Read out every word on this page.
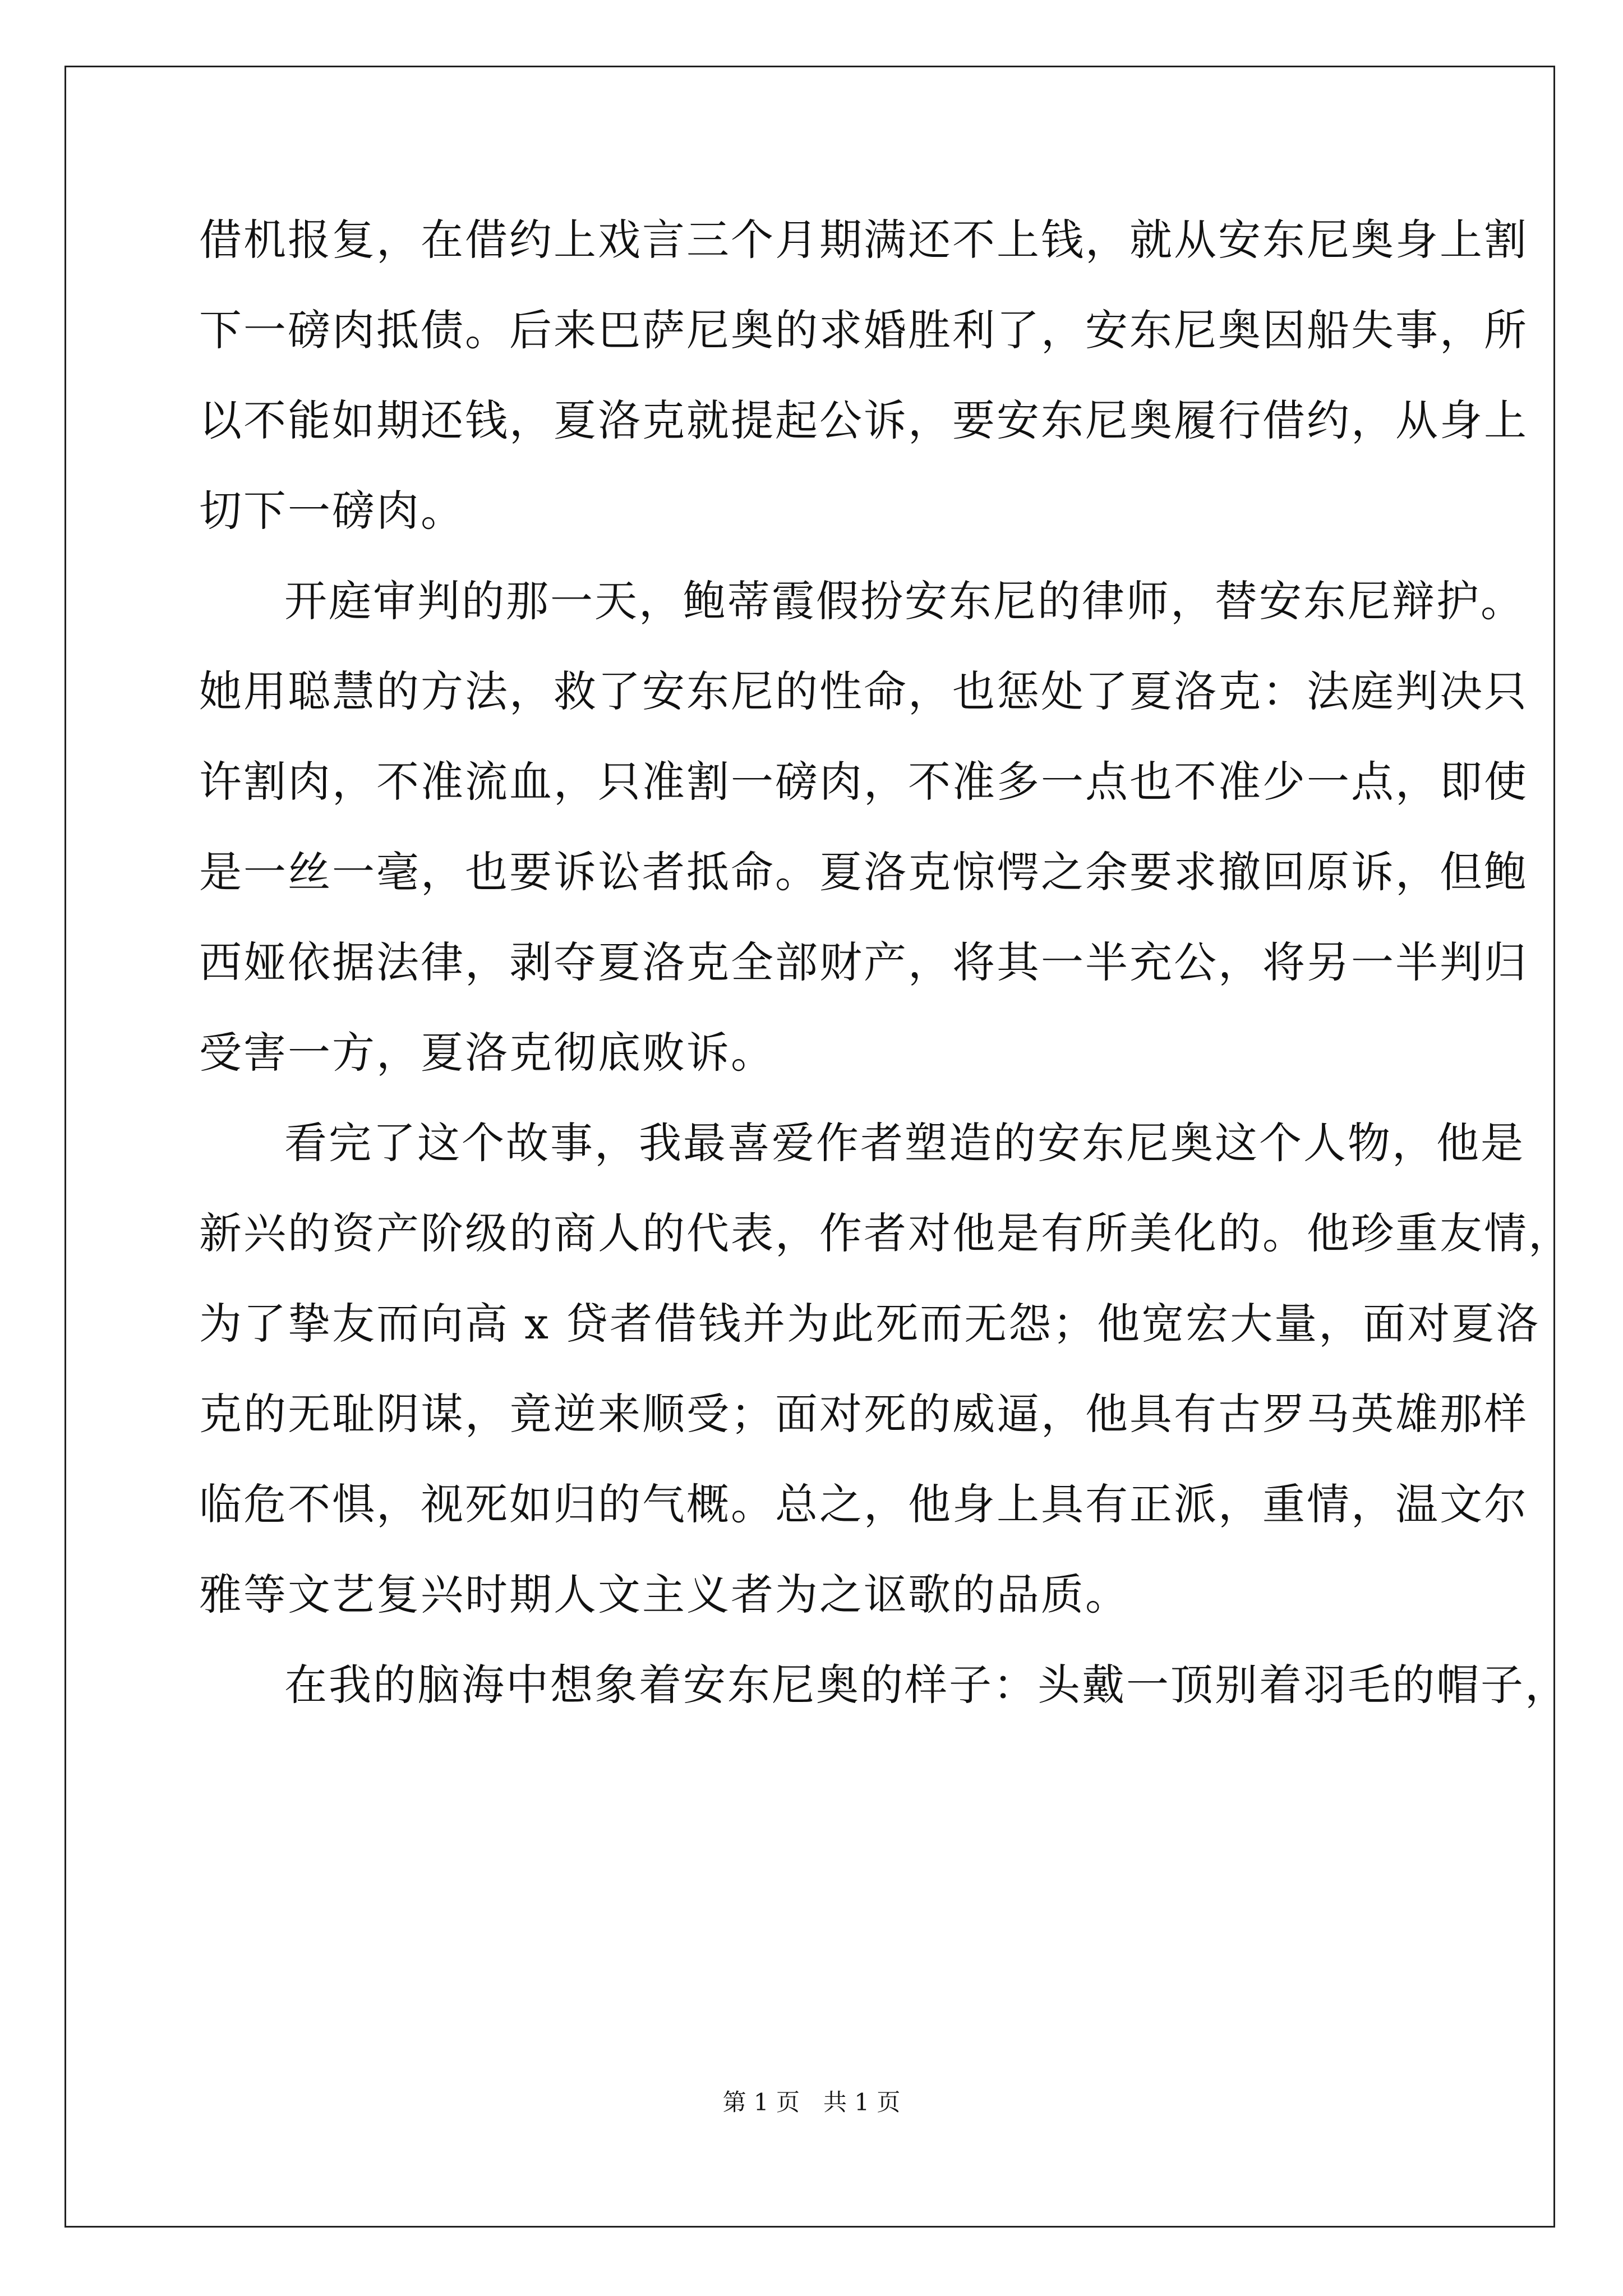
借机报复，在借约上戏言三个月期满还不上钱，就从安东尼奥身上割
下一磅肉抵债。后来巴萨尼奥的求婚胜利了，安东尼奥因船失事，所
以不能如期还钱，夏洛克就提起公诉，要安东尼奥履行借约，从身上
切下一磅肉。
开庭审判的那一天，鲍蒂霞假扮安东尼的律师，替安东尼辩护。
她用聪慧的方法，救了安东尼的性命，也惩处了夏洛克：法庭判决只
许割肉，不准流血，只准割一磅肉，不准多一点也不准少一点，即使
是一丝一毫，也要诉讼者抵命。夏洛克惊愕之余要求撤回原诉，但鲍
西娅依据法律，剥夺夏洛克全部财产，将其一半充公，将另一半判归
受害一方，夏洛克彻底败诉。
看完了这个故事，我最喜爱作者塑造的安东尼奥这个人物，他是
新兴的资产阶级的商人的代表，作者对他是有所美化的。他珍重友情，
为了挚友而向高 x 贷者借钱并为此死而无怨；他宽宏大量，面对夏洛
克的无耻阴谋，竟逆来顺受；面对死的威逼，他具有古罗马英雄那样
临危不惧，视死如归的气概。总之，他身上具有正派，重情，温文尔
雅等文艺复兴时期人文主义者为之讴歌的品质。
在我的脑海中想象着安东尼奥的样子：头戴一顶别着羽毛的帽子，
第 1 页　共 1 页
